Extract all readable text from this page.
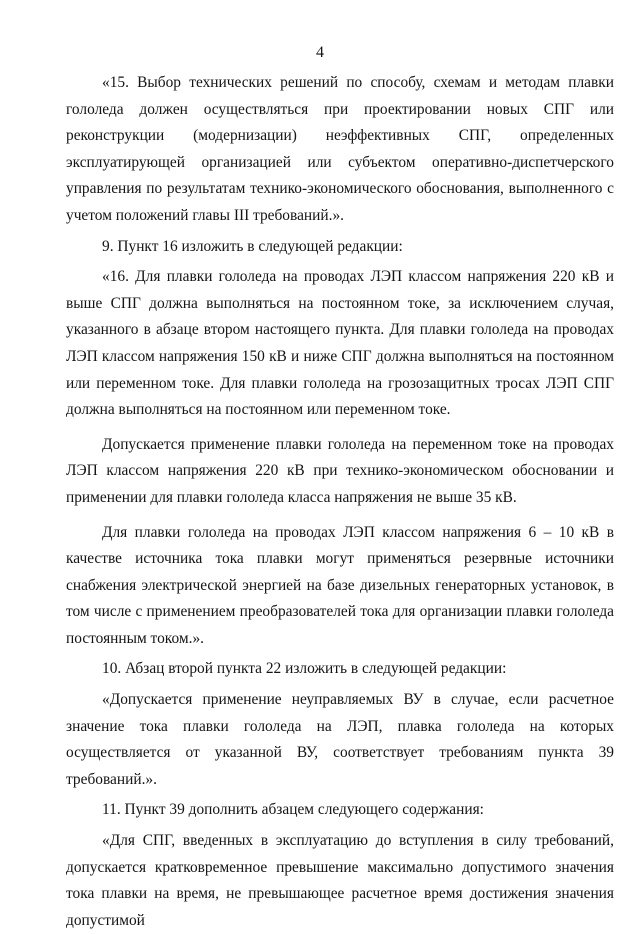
4

«15. Выбор технических решений по способу, схемам и методам плавки гололеда должен осуществляться при проектировании новых СПГ или реконструкции (модернизации) неэффективных СПГ, определенных эксплуатирующей организацией или субъектом оперативно-диспетчерского управления по результатам технико-экономического обоснования, выполненного с учетом положений главы III требований.».

9. Пункт 16 изложить в следующей редакции:

«16. Для плавки гололеда на проводах ЛЭП классом напряжения 220 кВ и выше СПГ должна выполняться на постоянном токе, за исключением случая, указанного в абзаце втором настоящего пункта. Для плавки гололеда на проводах ЛЭП классом напряжения 150 кВ и ниже СПГ должна выполняться на постоянном или переменном токе. Для плавки гололеда на грозозащитных тросах ЛЭП СПГ должна выполняться на постоянном или переменном токе.

Допускается применение плавки гололеда на переменном токе на проводах ЛЭП классом напряжения 220 кВ при технико-экономическом обосновании и применении для плавки гололеда класса напряжения не выше 35 кВ.

Для плавки гололеда на проводах ЛЭП классом напряжения 6 – 10 кВ в качестве источника тока плавки могут применяться резервные источники снабжения электрической энергией на базе дизельных генераторных установок, в том числе с применением преобразователей тока для организации плавки гололеда постоянным током.».

10. Абзац второй пункта 22 изложить в следующей редакции:

«Допускается применение неуправляемых ВУ в случае, если расчетное значение тока плавки гололеда на ЛЭП, плавка гололеда на которых осуществляется от указанной ВУ, соответствует требованиям пункта 39 требований.».

11. Пункт 39 дополнить абзацем следующего содержания:

«Для СПГ, введенных в эксплуатацию до вступления в силу требований, допускается кратковременное превышение максимально допустимого значения тока плавки на время, не превышающее расчетное время достижения значения допустимой
